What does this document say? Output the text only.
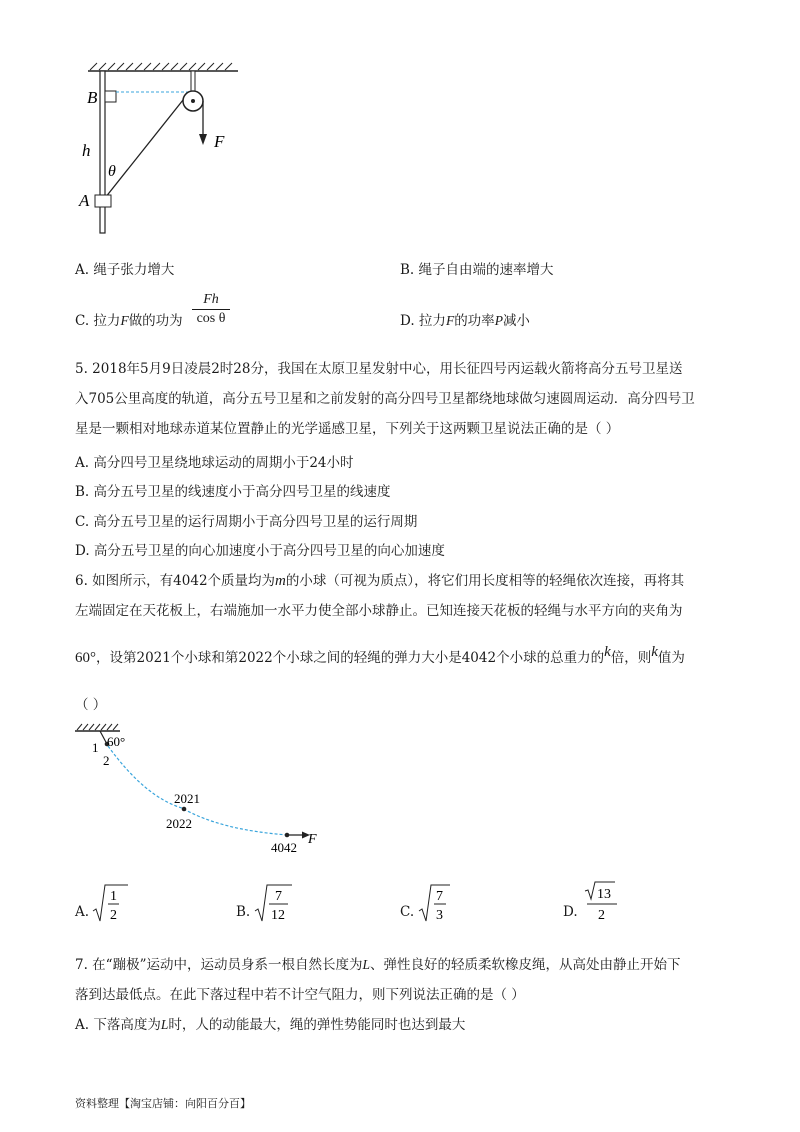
B
h
θ
A
F
A. 绳子张力增大	B. 绳子自由端的速率增大
C. 拉力F做的功为
Fh
cos θ	D. 拉力F的功率P减小
5. 2018年5月9日凌晨2时28分，我国在太原卫星发射中心，用长征四号丙运载火箭将高分五号卫星送
入705公里高度的轨道，高分五号卫星和之前发射的高分四号卫星都绕地球做匀速圆周运动．高分四号卫
星是一颗相对地球赤道某位置静止的光学遥感卫星，下列关于这两颗卫星说法正确的是（ ）
A. 高分四号卫星绕地球运动的周期小于24小时
B. 高分五号卫星的线速度小于高分四号卫星的线速度
C. 高分五号卫星的运行周期小于高分四号卫星的运行周期
D. 高分五号卫星的向心加速度小于高分四号卫星的向心加速度
6. 如图所示，有4042个质量均为m的小球（可视为质点），将它们用长度相等的轻绳依次连接，再将其
左端固定在天花板上，右端施加一水平力使全部小球静止。已知连接天花板的轻绳与水平方向的夹角为
60°，设第2021个小球和第2022个小球之间的轻绳的弹力大小是4042个小球的总重力的k倍，则k值为
（ ）
60°
1
2
2021
2022
4042
F
A.
1
2	B.
7
12	C.
7
3	D.
13
2
7. 在“蹦极”运动中，运动员身系一根自然长度为L、弹性良好的轻质柔软橡皮绳，从高处由静止开始下
落到达最低点。在此下落过程中若不计空气阻力，则下列说法正确的是（ ）
A. 下落高度为L时，人的动能最大，绳的弹性势能同时也达到最大
资料整理【淘宝店铺：向阳百分百】
